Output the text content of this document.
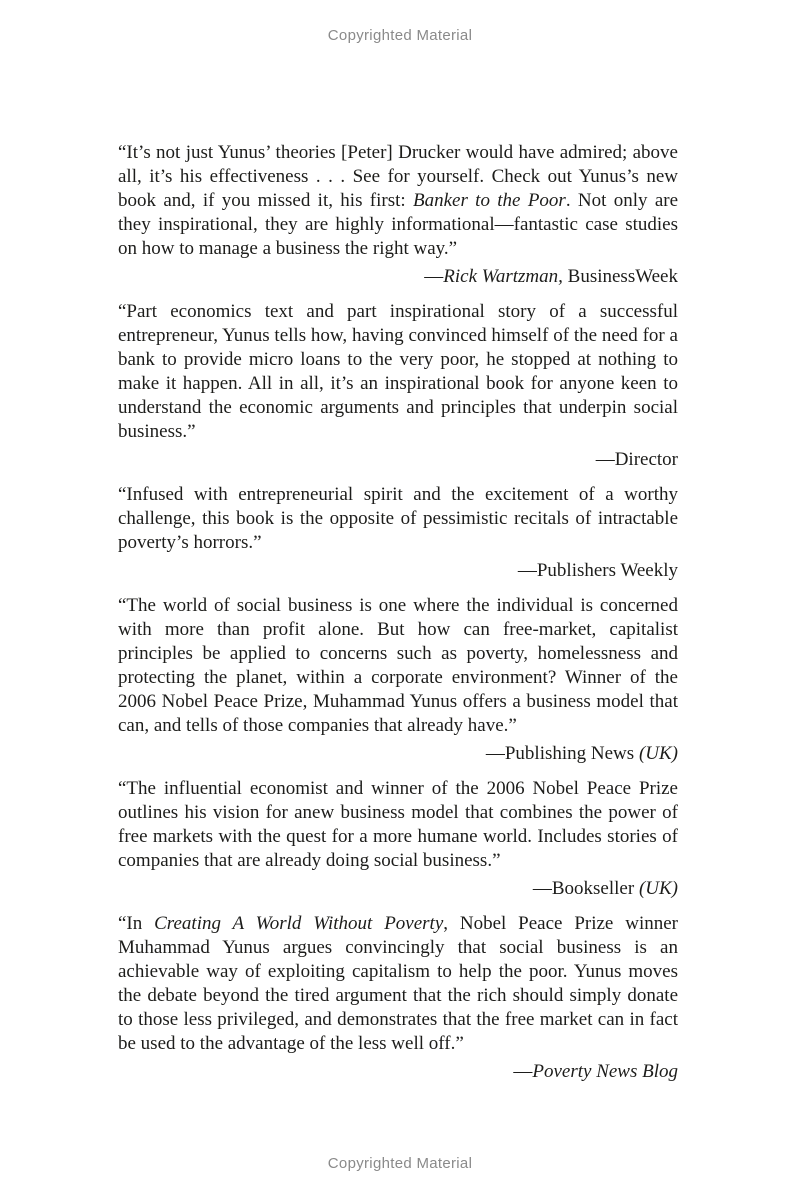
Copyrighted Material

“It’s not just Yunus’ theories [Peter] Drucker would have admired; above all, it’s his effectiveness . . . See for yourself. Check out Yunus’s new book and, if you missed it, his first: Banker to the Poor. Not only are they inspirational, they are highly informational—fantastic case studies on how to manage a business the right way.”

—Rick Wartzman, BusinessWeek

“Part economics text and part inspirational story of a successful entrepreneur, Yunus tells how, having convinced himself of the need for a bank to provide micro loans to the very poor, he stopped at nothing to make it happen. All in all, it’s an inspirational book for anyone keen to understand the economic arguments and principles that underpin social business.”

—Director

“Infused with entrepreneurial spirit and the excitement of a worthy challenge, this book is the opposite of pessimistic recitals of intractable poverty’s horrors.”

—Publishers Weekly

“The world of social business is one where the individual is concerned with more than profit alone. But how can free-market, capitalist principles be applied to concerns such as poverty, homelessness and protecting the planet, within a corporate environment? Winner of the 2006 Nobel Peace Prize, Muhammad Yunus offers a business model that can, and tells of those companies that already have.”

—Publishing News (UK)

“The influential economist and winner of the 2006 Nobel Peace Prize outlines his vision for anew business model that combines the power of free markets with the quest for a more humane world. Includes stories of companies that are already doing social business.”

—Bookseller (UK)

“In Creating A World Without Poverty, Nobel Peace Prize winner Muhammad Yunus argues convincingly that social business is an achievable way of exploiting capitalism to help the poor. Yunus moves the debate beyond the tired argument that the rich should simply donate to those less privileged, and demonstrates that the free market can in fact be used to the advantage of the less well off.”

—Poverty News Blog

Copyrighted Material
